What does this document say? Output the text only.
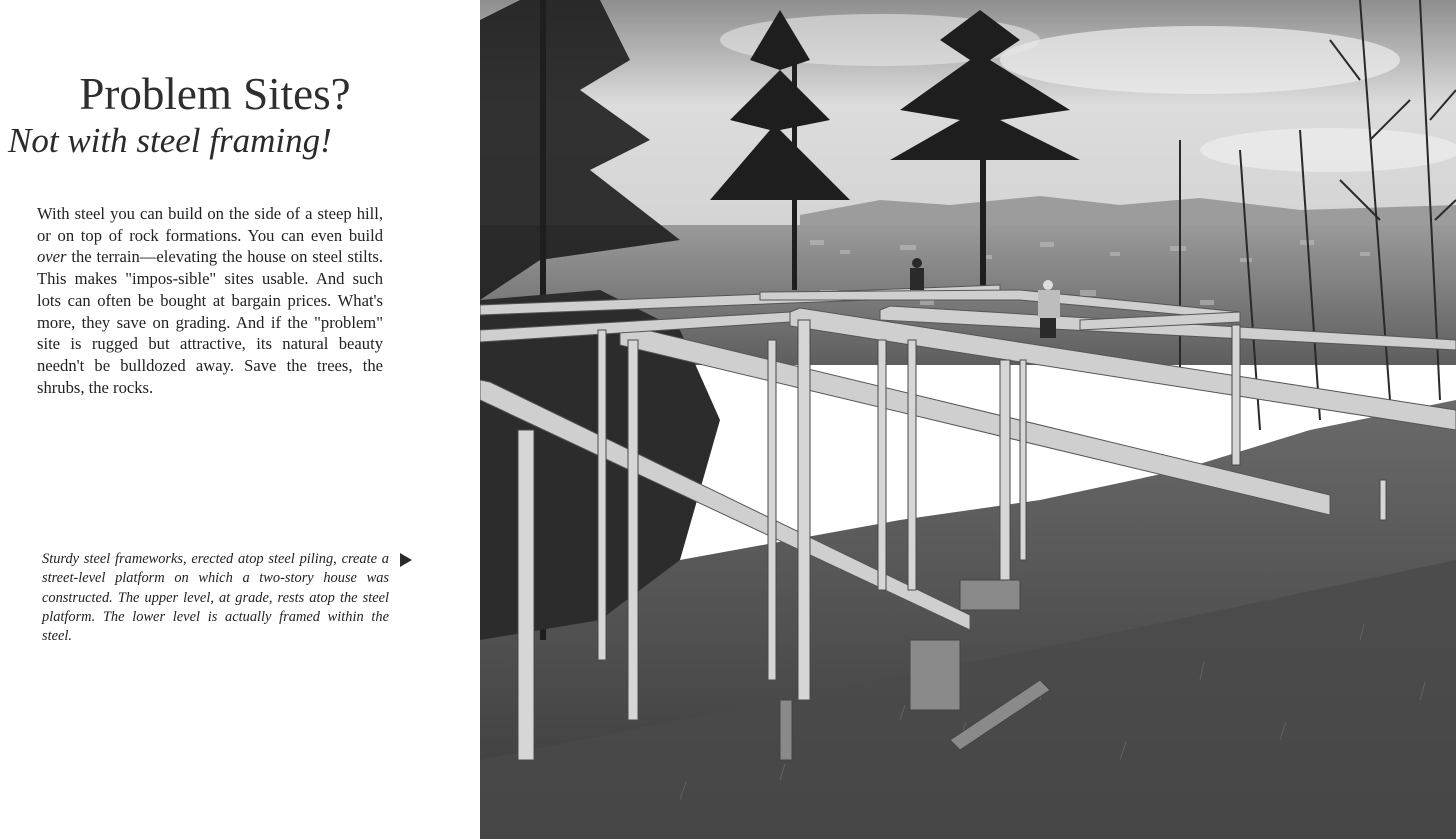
Problem Sites?
Not with steel framing!

With steel you can build on the side of a steep hill, or on top of rock formations. You can even build over the terrain—elevating the house on steel stilts. This makes "impos-sible" sites usable. And such lots can often be bought at bargain prices. What's more, they save on grading. And if the "problem" site is rugged but attractive, its natural beauty needn't be bulldozed away. Save the trees, the shrubs, the rocks.

Sturdy steel frameworks, erected atop steel piling, create a street-level platform on which a two-story house was constructed. The upper level, at grade, rests atop the steel platform. The lower level is actually framed within the steel.
